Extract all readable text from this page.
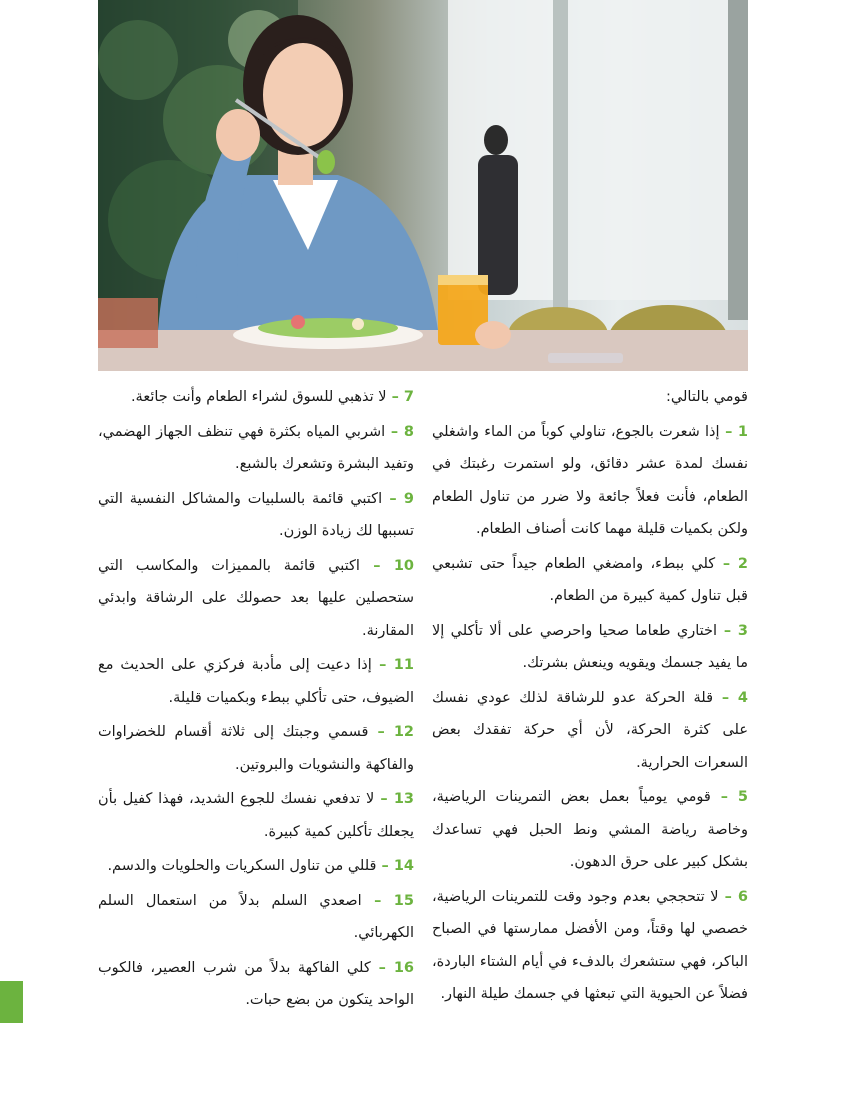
قومي بالتالي:

1 – إذا شعرت بالجوع، تناولي كوباً من الماء واشغلي نفسك لمدة عشر دقائق، ولو استمرت رغبتك في الطعام، فأنت فعلاً جائعة ولا ضرر من تناول الطعام ولكن بكميات قليلة مهما كانت أصناف الطعام.

2 – كلي ببطء، وامضغي الطعام جيداً حتى تشبعي قبل تناول كمية كبيرة من الطعام.

3 – اختاري طعاما صحيا واحرصي على ألا تأكلي إلا ما يفيد جسمك ويقويه وينعش بشرتك.

4 – قلة الحركة عدو للرشاقة لذلك عودي نفسك على كثرة الحركة، لأن أي حركة تفقدك بعض السعرات الحرارية.

5 – قومي يومياً بعمل بعض التمرينات الرياضية، وخاصة رياضة المشي ونط الحبل فهي تساعدك بشكل كبير على حرق الدهون.

6 – لا تتحججي بعدم وجود وقت للتمرينات الرياضية، خصصي لها وقتاً، ومن الأفضل ممارستها في الصباح الباكر، فهي ستشعرك بالدفء في أيام الشتاء الباردة، فضلاً عن الحيوية التي تبعثها في جسمك طيلة النهار.

7 – لا تذهبي للسوق لشراء الطعام وأنت جائعة.

8 – اشربي المياه بكثرة فهي تنظف الجهاز الهضمي، وتفيد البشرة وتشعرك بالشبع.

9 – اكتبي قائمة بالسلبيات والمشاكل النفسية التي تسببها لك زيادة الوزن.

10 – اكتبي قائمة بالمميزات والمكاسب التي ستحصلين عليها بعد حصولك على الرشاقة وابدئي المقارنة.

11 – إذا دعيت إلى مأدبة فركزي على الحديث مع الضيوف، حتى تأكلي ببطء وبكميات قليلة.

12 – قسمي وجبتك إلى ثلاثة أقسام للخضراوات والفاكهة والنشويات والبروتين.

13 – لا تدفعي نفسك للجوع الشديد، فهذا كفيل بأن يجعلك تأكلين كمية كبيرة.

14 – قللي من تناول السكريات والحلويات والدسم.

15 – اصعدي السلم بدلاً من استعمال السلم الكهربائي.

16 – كلي الفاكهة بدلاً من شرب العصير، فالكوب الواحد يتكون من بضع حبات.
